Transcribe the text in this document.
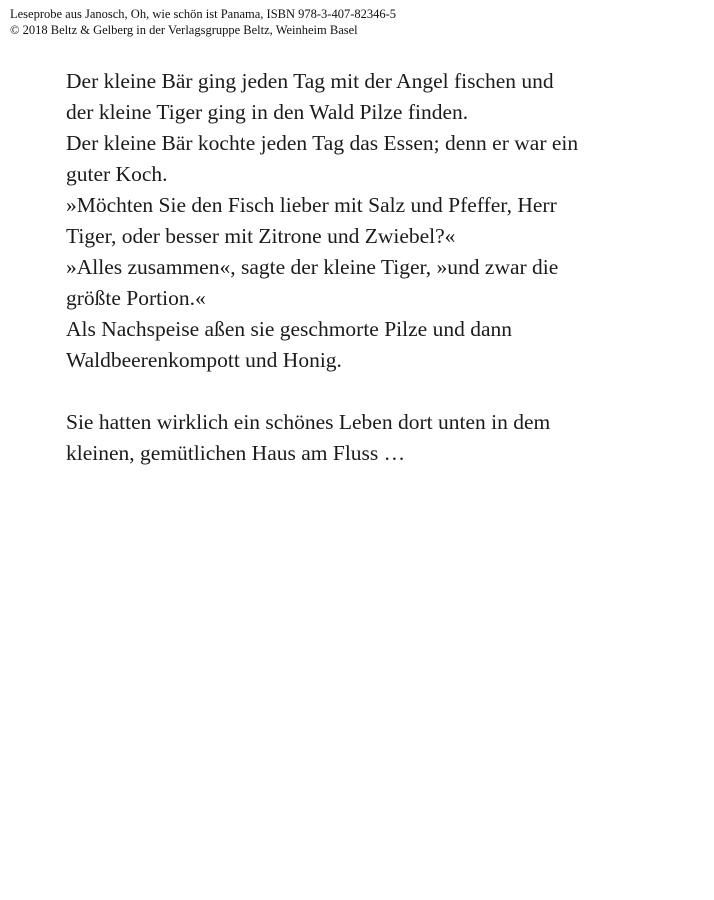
Leseprobe aus Janosch, Oh, wie schön ist Panama, ISBN 978-3-407-82346-5
© 2018 Beltz & Gelberg in der Verlagsgruppe Beltz, Weinheim Basel
Der kleine Bär ging jeden Tag mit der Angel fischen und
der kleine Tiger ging in den Wald Pilze finden.
Der kleine Bär kochte jeden Tag das Essen; denn er war ein
guter Koch.
»Möchten Sie den Fisch lieber mit Salz und Pfeffer, Herr
Tiger, oder besser mit Zitrone und Zwiebel?«
»Alles zusammen«, sagte der kleine Tiger, »und zwar die
größte Portion.«
Als Nachspeise aßen sie geschmorte Pilze und dann
Waldbeerenkompott und Honig.
Sie hatten wirklich ein schönes Leben dort unten in dem
kleinen, gemütlichen Haus am Fluss …
